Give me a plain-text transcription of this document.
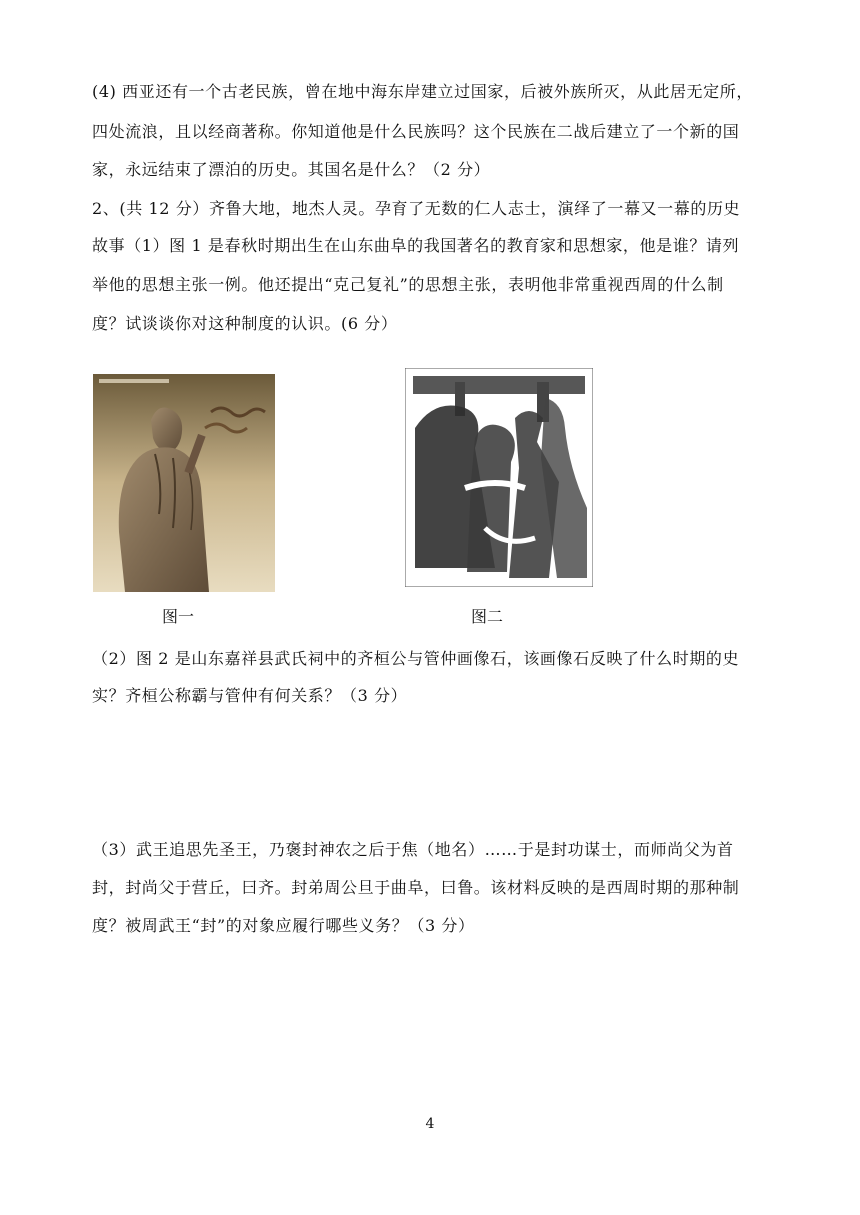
(4) 西亚还有一个古老民族，曾在地中海东岸建立过国家，后被外族所灭，从此居无定所，
四处流浪，且以经商著称。你知道他是什么民族吗？这个民族在二战后建立了一个新的国
家，永远结束了漂泊的历史。其国名是什么？（2 分）
2、(共 12 分）齐鲁大地，地杰人灵。孕育了无数的仁人志士，演绎了一幕又一幕的历史
故事（1）图 1 是春秋时期出生在山东曲阜的我国著名的教育家和思想家，他是谁？请列
举他的思想主张一例。他还提出“克己复礼”的思想主张，表明他非常重视西周的什么制
度？试谈谈你对这种制度的认识。(6 分）
图一	图二
（2）图 2 是山东嘉祥县武氏祠中的齐桓公与管仲画像石，该画像石反映了什么时期的史
实？齐桓公称霸与管仲有何关系？（3 分）
（3）武王追思先圣王，乃褒封神农之后于焦（地名）……于是封功谋士，而师尚父为首
封，封尚父于营丘，曰齐。封弟周公旦于曲阜，曰鲁。该材料反映的是西周时期的那种制
度？被周武王“封”的对象应履行哪些义务？（3 分）
4
